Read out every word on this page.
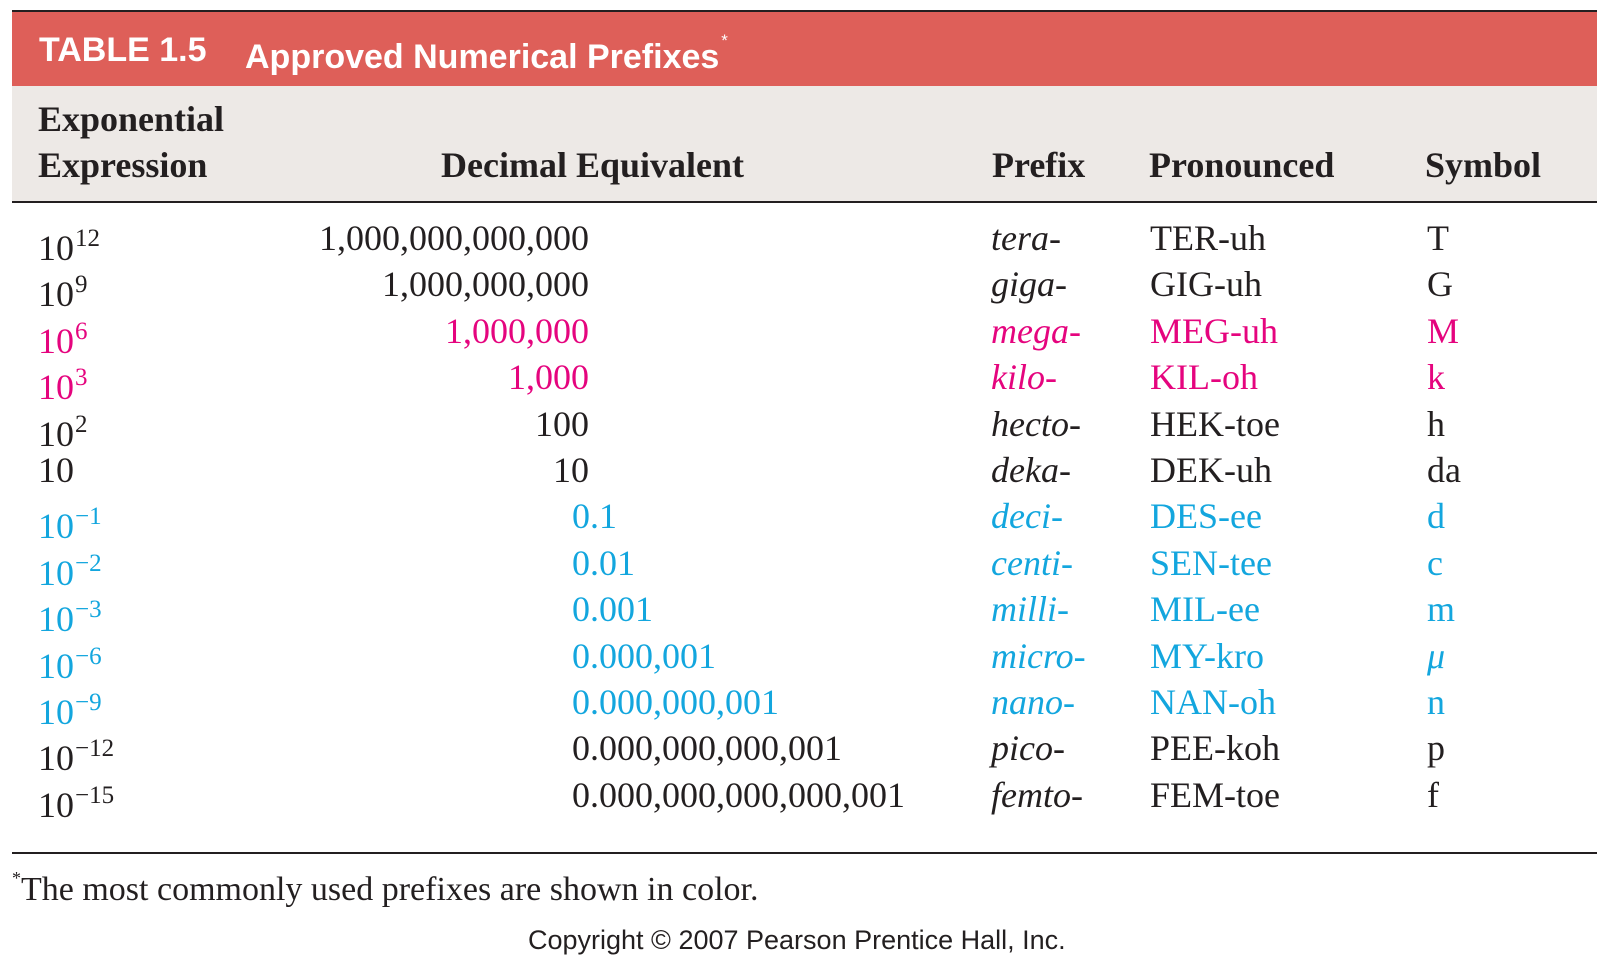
TABLE 1.5 Approved Numerical Prefixes *
Exponential
Expression	Decimal Equivalent	Prefix Pronounced	Symbol
1012	1,000,000,000,000	tera- TER-uh	T
109	1,000,000,000	giga- GIG-uh	G
106	1,000,000	mega- MEG-uh	M
103	1,000	kilo-	KIL-oh	k
102	100	hecto- HEK-toe	h
10	10	deka- DEK-uh	da
10−1	0.1	deci- DES-ee	d
10−2	0.01	centi- SEN-tee	c
10−3	0.001	milli- MIL-ee	m
10−6	0.000,001	micro- MY-kro	μ
10−9	0.000,000,001	nano- NAN-oh	n
10−12	0.000,000,000,001	pico- PEE-koh	p
10−15	0.000,000,000,000,001 femto- FEM-toe	f
*The most commonly used prefixes are shown in color.
Copyright © 2007 Pearson Prentice Hall, Inc.
